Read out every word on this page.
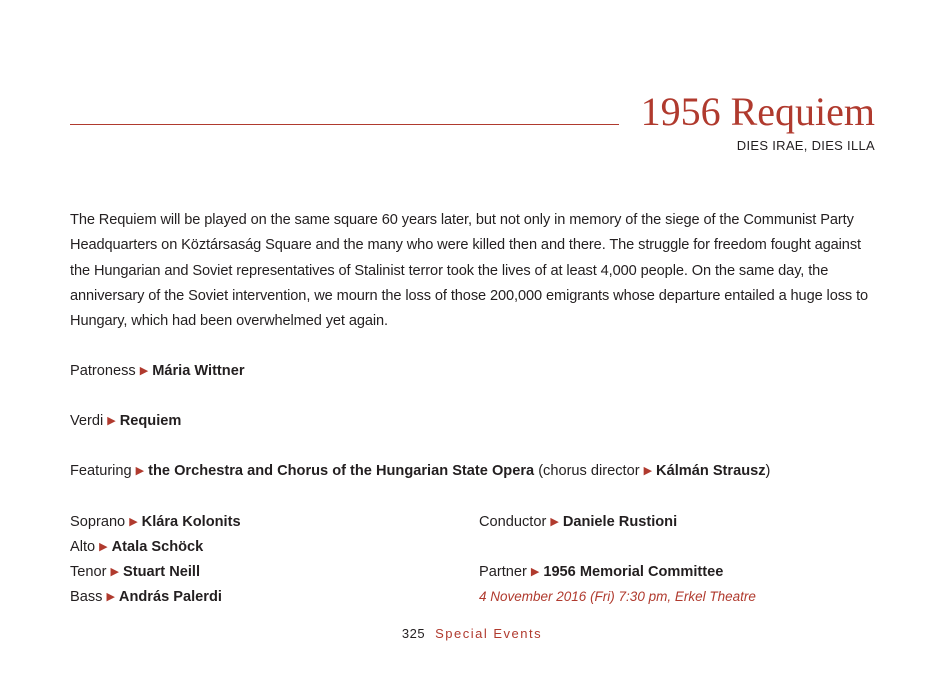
1956 Requiem
DIES IRAE, DIES ILLA

The Requiem will be played on the same square 60 years later, but not only in memory of the siege of the Communist Party Headquarters on Köztársaság Square and the many who were killed then and there. The struggle for freedom fought against the Hungarian and Soviet representatives of Stalinist terror took the lives of at least 4,000 people. On the same day, the anniversary of the Soviet intervention, we mourn the loss of those 200,000 emigrants whose departure entailed a huge loss to Hungary, which had been overwhelmed yet again.

Patroness ▶ Mária Wittner
Verdi ▶ Requiem
Featuring ▶ the Orchestra and Chorus of the Hungarian State Opera (chorus director ▶ Kálmán Strausz)
Soprano ▶ Klára Kolonits
Alto ▶ Atala Schöck
Tenor ▶ Stuart Neill
Bass ▶ András Palerdi
Conductor ▶ Daniele Rustioni
Partner ▶ 1956 Memorial Committee
4 November 2016 (Fri) 7:30 pm, Erkel Theatre
325 Special Events
